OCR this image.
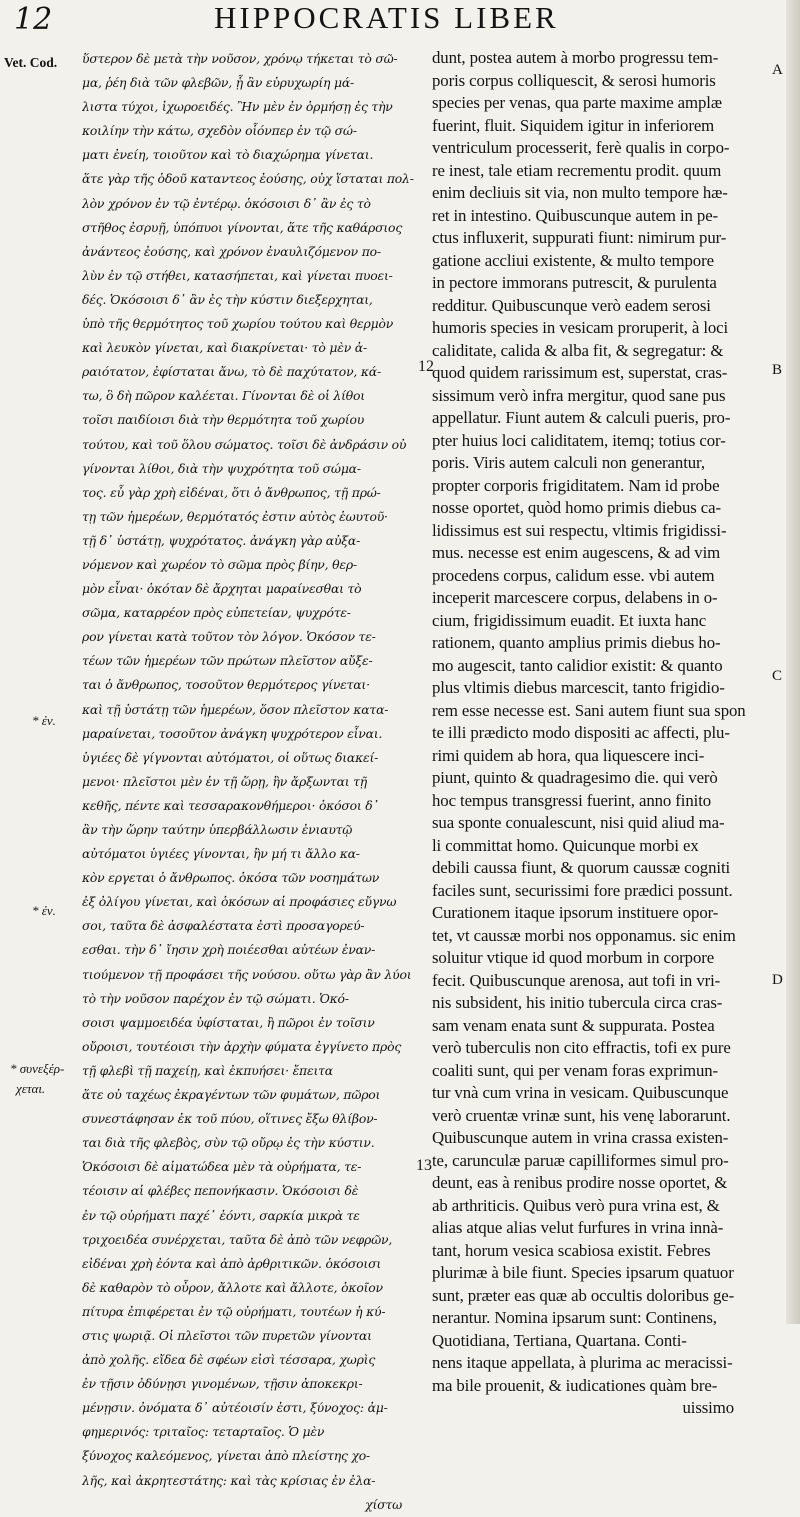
12	HIPPOCRATIS LIBER
Vet. Cod.
* ἐν.
* ἐν.
* συνεξέρ-
χεται.
ὕστερον δὲ μετὰ τὴν νοῦσον, χρόνῳ τήκεται τὸ σῶ-
μα, ῥέη διὰ τῶν φλεβῶν, ᾗ ἂν εὐρυχωρίη μά-
λιστα τύχοι, ἰχωροειδές. Ἢν μὲν ἐν ὁρμήσῃ ἐς τὴν
κοιλίην τὴν κάτω, σχεδὸν οἷόνπερ ἐν τῷ σώ-
ματι ἐνείη, τοιοῦτον καὶ τὸ διαχώρημα γίνεται.
ἅτε γὰρ τῆς ὁδοῦ καταντεος ἐούσης, οὐχ ἵσταται πολ-
λὸν χρόνον ἐν τῷ ἐντέρῳ. ὁκόσοισι δ᾽ ἂν ἐς τὸ
στῆθος ἐσρυῇ, ὑπόπυοι γίνονται, ἅτε τῆς καθάρσιος
ἀνάντεος ἐούσης, καὶ χρόνον ἐναυλιζόμενον πο-
λὺν ἐν τῷ στήθει, κατασήπεται, καὶ γίνεται πυοει-
δές. Ὁκόσοισι δ᾽ ἂν ἐς τὴν κύστιν διεξερχηται,
ὑπὸ τῆς θερμότητος τοῦ χωρίου τούτου καὶ θερμὸν
καὶ λευκὸν γίνεται, καὶ διακρίνεται· τὸ μὲν ἀ-
ραιότατον, ἐφίσταται ἄνω, τὸ δὲ παχύτατον, κά-
τω, ὃ δὴ πῶρον καλέεται. Γίνονται δὲ οἱ λίθοι
τοῖσι παιδίοισι διὰ τὴν θερμότητα τοῦ χωρίου
τούτου, καὶ τοῦ ὅλου σώματος. τοῖσι δὲ ἀνδράσιν οὐ
γίνονται λίθοι, διὰ τὴν ψυχρότητα τοῦ σώμα-
τος. εὖ γὰρ χρὴ εἰδέναι, ὅτι ὁ ἄνθρωπος, τῇ πρώ-
τῃ τῶν ἡμερέων, θερμότατός ἐστιν αὐτὸς ἑωυτοῦ·
τῇ δ᾽ ὑστάτῃ, ψυχρότατος. ἀνάγκη γὰρ αὐξα-
νόμενον καὶ χωρέον τὸ σῶμα πρὸς βίην, θερ-
μὸν εἶναι· ὁκόταν δὲ ἄρχηται μαραίνεσθαι τὸ
σῶμα, καταρρέον πρὸς εὐπετείαν, ψυχρότε-
ρον γίνεται κατὰ τοῦτον τὸν λόγον. Ὁκόσον τε-
τέων τῶν ἡμερέων τῶν πρώτων πλεῖστον αὔξε-
ται ὁ ἄνθρωπος, τοσοῦτον θερμότερος γίνεται·
καὶ τῇ ὑστάτῃ τῶν ἡμερέων, ὅσον πλεῖστον κατα-
μαραίνεται, τοσοῦτον ἀνάγκη ψυχρότερον εἶναι.
ὑγιέες δὲ γίγνονται αὐτόματοι, οἱ οὕτως διακεί-
μενοι· πλεῖστοι μὲν ἐν τῇ ὥρῃ, ἣν ἄρξωνται τῇ
κεθῆς, πέντε καὶ τεσσαρακονθήμεροι· ὁκόσοι δ᾽
ἂν τὴν ὥρην ταύτην ὑπερβάλλωσιν ἐνιαυτῷ
αὐτόματοι ὑγιέες γίνονται, ἢν μή τι ἄλλο κα-
κὸν εργεται ὁ ἄνθρωπος. ὁκόσα τῶν νοσημάτων
ἐξ ὀλίγου γίνεται, καὶ ὁκόσων αἱ προφάσιες εὔγνω
σοι, ταῦτα δὲ ἀσφαλέστατα ἐστὶ προσαγορεύ-
εσθαι. τὴν δ᾽ ἴησιν χρὴ ποιέεσθαι αὐτέων ἐναν-
τιούμενον τῇ προφάσει τῆς νούσου. οὕτω γὰρ ἂν λύοι
τὸ τὴν νοῦσον παρέχον ἐν τῷ σώματι. Ὁκό-
σοισι ψαμμοειδέα ὑφίσταται, ἢ πῶροι ἐν τοῖσιν
οὔροισι, τουτέοισι τὴν ἀρχὴν φύματα ἐγγίνετο πρὸς
τῇ φλεβὶ τῇ παχείῃ, καὶ ἐκπυήσει· ἔπειτα
ἅτε οὐ ταχέως ἐκραγέντων τῶν φυμάτων, πῶροι
συνεστάφησαν ἐκ τοῦ πύου, οἵτινες ἔξω θλίβον-
ται διὰ τῆς φλεβὸς, σὺν τῷ οὔρῳ ἐς τὴν κύστιν.
Ὁκόσοισι δὲ αἱματώδεα μὲν τὰ οὐρήματα, τε-
τέοισιν αἱ φλέβες πεπονήκασιν. Ὁκόσοισι δὲ
ἐν τῷ οὐρήματι παχέ᾽ ἐόντι, σαρκία μικρὰ τε
τριχοειδέα συνέρχεται, ταῦτα δὲ ἀπὸ τῶν νεφρῶν,
εἰδέναι χρὴ ἐόντα καὶ ἀπὸ ἀρθριτικῶν. ὁκόσοισι
δὲ καθαρὸν τὸ οὖρον, ἄλλοτε καὶ ἄλλοτε, ὁκοῖον
πίτυρα ἐπιφέρεται ἐν τῷ οὐρήματι, τουτέων ἡ κύ-
στις ψωριᾷ. Οἱ πλεῖστοι τῶν πυρετῶν γίνονται
ἀπὸ χολῆς. εἴδεα δὲ σφέων εἰσὶ τέσσαρα, χωρὶς
ἐν τῇσιν ὀδύνῃσι γινομένων, τῇσιν ἀποκεκρι-
μένῃσιν. ὀνόματα δ᾽ αὐτέοισίν ἐστι, ξύνοχος: ἀμ-
φημερινός: τριταῖος: τεταρταῖος. Ὁ μὲν
ξύνοχος καλεόμενος, γίνεται ἀπὸ πλείστης χο-
λῆς, καὶ ἀκρητεστάτης: καὶ τὰς κρίσιας ἐν ἐλα-
χίστω
dunt, postea autem à morbo progressu tem-
poris corpus colliquescit, & serosi humoris
species per venas, qua parte maxime amplæ
fuerint, fluit. Siquidem igitur in inferiorem
ventriculum processerit, ferè qualis in corpo-
re inest, tale etiam recrementu prodit. quum
enim decliuis sit via, non multo tempore hæ-
ret in intestino. Quibuscunque autem in pe-
ctus influxerit, suppurati fiunt: nimirum pur-
gatione accliui existente, & multo tempore
in pectore immorans putrescit, & purulenta
redditur. Quibuscunque verò eadem serosi
humoris species in vesicam proruperit, à loci
caliditate, calida & alba fit, & segregatur: &
quod quidem rarissimum est, superstat, cras-
sissimum verò infra mergitur, quod sane pus
appellatur. Fiunt autem & calculi pueris, pro-
pter huius loci caliditatem, itemq; totius cor-
poris. Viris autem calculi non generantur,
propter corporis frigiditatem. Nam id probe
nosse oportet, quòd homo primis diebus ca-
lidissimus est sui respectu, vltimis frigidissi-
mus. necesse est enim augescens, & ad vim
procedens corpus, calidum esse. vbi autem
inceperit marcescere corpus, delabens in o-
cium, frigidissimum euadit. Et iuxta hanc
rationem, quanto amplius primis diebus ho-
mo augescit, tanto calidior existit: & quanto
plus vltimis diebus marcescit, tanto frigidio-
rem esse necesse est. Sani autem fiunt sua spon
te illi prædicto modo dispositi ac affecti, plu-
rimi quidem ab hora, qua liquescere inci-
piunt, quinto & quadragesimo die. qui verò
hoc tempus transgressi fuerint, anno finito
sua sponte conualescunt, nisi quid aliud ma-
li committat homo. Quicunque morbi ex
debili caussa fiunt, & quorum caussæ cogniti
faciles sunt, securissimi fore prædici possunt.
Curationem itaque ipsorum instituere opor-
tet, vt caussæ morbi nos opponamus. sic enim
soluitur vtique id quod morbum in corpore
fecit. Quibuscunque arenosa, aut tofi in vri-
nis subsident, his initio tubercula circa cras-
sam venam enata sunt & suppurata. Postea
verò tuberculis non cito effractis, tofi ex pure
coaliti sunt, qui per venam foras exprimun-
tur vnà cum vrina in vesicam. Quibuscunque
verò cruentæ vrinæ sunt, his venę laborarunt.
Quibuscunque autem in vrina crassa existen-
te, carunculæ paruæ capilliformes simul pro-
deunt, eas à renibus prodire nosse oportet, &
ab arthriticis. Quibus verò pura vrina est, &
alias atque alias velut furfures in vrina innà-
tant, horum vesica scabiosa existit. Febres
plurimæ à bile fiunt. Species ipsarum quatuor
sunt, præter eas quæ ab occultis doloribus ge-
nerantur. Nomina ipsarum sunt: Continens,
Quotidiana, Tertiana, Quartana. Conti-
nens itaque appellata, à plurima ac meracissi-
ma bile prouenit, & iudicationes quàm bre-
uissimo
12
13
A
B
C
D
